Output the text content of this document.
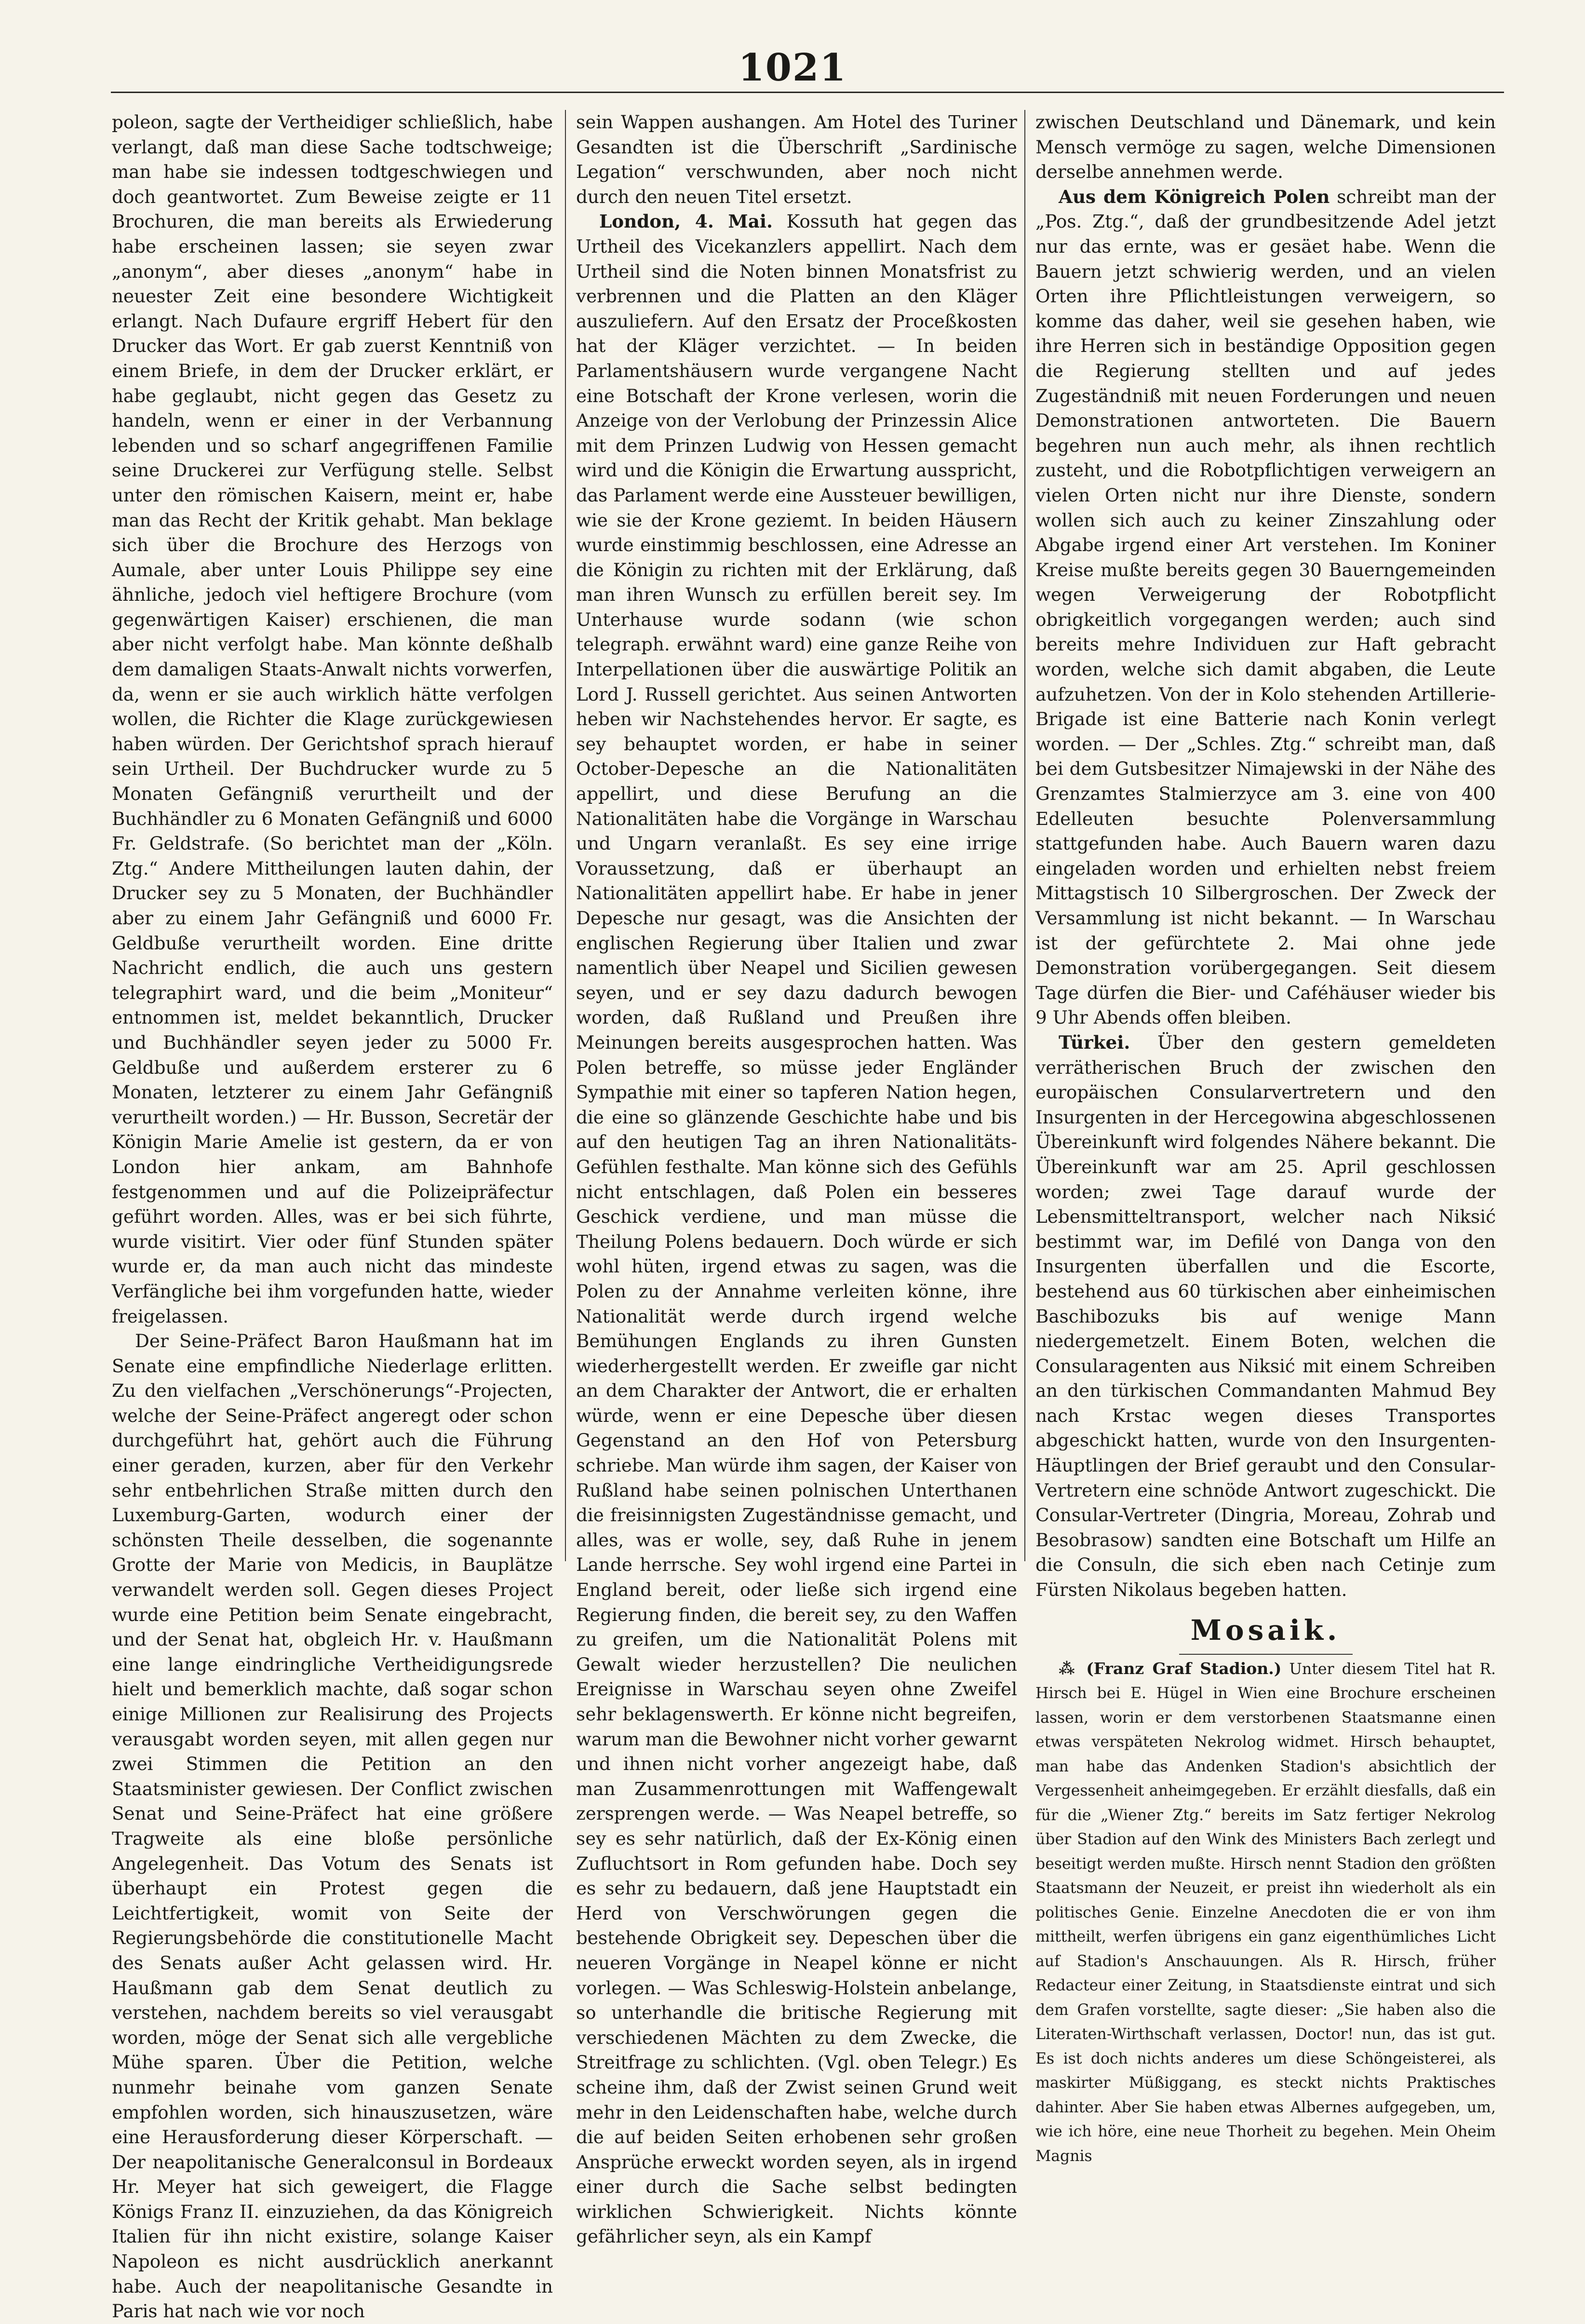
1021

poleon, sagte der Vertheidiger schließlich, habe verlangt, daß man diese Sache todtschweige; man habe sie indessen todtgeschwiegen und doch geantwortet. Zum Beweise zeigte er 11 Brochuren, die man bereits als Erwiederung habe erscheinen lassen; sie seyen zwar „anonym“, aber dieses „anonym“ habe in neuester Zeit eine besondere Wichtigkeit erlangt. Nach Dufaure ergriff Hebert für den Drucker das Wort. Er gab zuerst Kenntniß von einem Briefe, in dem der Drucker erklärt, er habe geglaubt, nicht gegen das Gesetz zu handeln, wenn er einer in der Verbannung lebenden und so scharf angegriffenen Familie seine Druckerei zur Verfügung stelle. Selbst unter den römischen Kaisern, meint er, habe man das Recht der Kritik gehabt. Man beklage sich über die Brochure des Herzogs von Aumale, aber unter Louis Philippe sey eine ähnliche, jedoch viel heftigere Brochure (vom gegenwärtigen Kaiser) erschienen, die man aber nicht verfolgt habe. Man könnte deßhalb dem damaligen Staats-Anwalt nichts vorwerfen, da, wenn er sie auch wirklich hätte verfolgen wollen, die Richter die Klage zurückgewiesen haben würden. Der Gerichtshof sprach hierauf sein Urtheil. Der Buchdrucker wurde zu 5 Monaten Gefängniß verurtheilt und der Buchhändler zu 6 Monaten Gefängniß und 6000 Fr. Geldstrafe. (So berichtet man der „Köln. Ztg.“ Andere Mittheilungen lauten dahin, der Drucker sey zu 5 Monaten, der Buchhändler aber zu einem Jahr Gefängniß und 6000 Fr. Geldbuße verurtheilt worden. Eine dritte Nachricht endlich, die auch uns gestern telegraphirt ward, und die beim „Moniteur“ entnommen ist, meldet bekanntlich, Drucker und Buchhändler seyen jeder zu 5000 Fr. Geldbuße und außerdem ersterer zu 6 Monaten, letzterer zu einem Jahr Gefängniß verurtheilt worden.) — Hr. Busson, Secretär der Königin Marie Amelie ist gestern, da er von London hier ankam, am Bahnhofe festgenommen und auf die Polizeipräfectur geführt worden. Alles, was er bei sich führte, wurde visitirt. Vier oder fünf Stunden später wurde er, da man auch nicht das mindeste Verfängliche bei ihm vorgefunden hatte, wieder freigelassen.

Der Seine-Präfect Baron Haußmann hat im Senate eine empfindliche Niederlage erlitten. Zu den vielfachen „Verschönerungs“-Projecten, welche der Seine-Präfect angeregt oder schon durchgeführt hat, gehört auch die Führung einer geraden, kurzen, aber für den Verkehr sehr entbehrlichen Straße mitten durch den Luxemburg-Garten, wodurch einer der schönsten Theile desselben, die sogenannte Grotte der Marie von Medicis, in Bauplätze verwandelt werden soll. Gegen dieses Project wurde eine Petition beim Senate eingebracht, und der Senat hat, obgleich Hr. v. Haußmann eine lange eindringliche Vertheidigungsrede hielt und bemerklich machte, daß sogar schon einige Millionen zur Realisirung des Projects verausgabt worden seyen, mit allen gegen nur zwei Stimmen die Petition an den Staatsminister gewiesen. Der Conflict zwischen Senat und Seine-Präfect hat eine größere Tragweite als eine bloße persönliche Angelegenheit. Das Votum des Senats ist überhaupt ein Protest gegen die Leichtfertigkeit, womit von Seite der Regierungsbehörde die constitutionelle Macht des Senats außer Acht gelassen wird. Hr. Haußmann gab dem Senat deutlich zu verstehen, nachdem bereits so viel verausgabt worden, möge der Senat sich alle vergebliche Mühe sparen. Über die Petition, welche nunmehr beinahe vom ganzen Senate empfohlen worden, sich hinauszusetzen, wäre eine Herausforderung dieser Körperschaft. — Der neapolitanische Generalconsul in Bordeaux Hr. Meyer hat sich geweigert, die Flagge Königs Franz II. einzuziehen, da das Königreich Italien für ihn nicht existire, solange Kaiser Napoleon es nicht ausdrücklich anerkannt habe. Auch der neapolitanische Gesandte in Paris hat nach wie vor noch

sein Wappen aushangen. Am Hotel des Turiner Gesandten ist die Überschrift „Sardinische Legation“ verschwunden, aber noch nicht durch den neuen Titel ersetzt.

London, 4. Mai. Kossuth hat gegen das Urtheil des Vicekanzlers appellirt. Nach dem Urtheil sind die Noten binnen Monatsfrist zu verbrennen und die Platten an den Kläger auszuliefern. Auf den Ersatz der Proceßkosten hat der Kläger verzichtet. — In beiden Parlamentshäusern wurde vergangene Nacht eine Botschaft der Krone verlesen, worin die Anzeige von der Verlobung der Prinzessin Alice mit dem Prinzen Ludwig von Hessen gemacht wird und die Königin die Erwartung ausspricht, das Parlament werde eine Aussteuer bewilligen, wie sie der Krone geziemt. In beiden Häusern wurde einstimmig beschlossen, eine Adresse an die Königin zu richten mit der Erklärung, daß man ihren Wunsch zu erfüllen bereit sey. Im Unterhause wurde sodann (wie schon telegraph. erwähnt ward) eine ganze Reihe von Interpellationen über die auswärtige Politik an Lord J. Russell gerichtet. Aus seinen Antworten heben wir Nachstehendes hervor. Er sagte, es sey behauptet worden, er habe in seiner October-Depesche an die Nationalitäten appellirt, und diese Berufung an die Nationalitäten habe die Vorgänge in Warschau und Ungarn veranlaßt. Es sey eine irrige Voraussetzung, daß er überhaupt an Nationalitäten appellirt habe. Er habe in jener Depesche nur gesagt, was die Ansichten der englischen Regierung über Italien und zwar namentlich über Neapel und Sicilien gewesen seyen, und er sey dazu dadurch bewogen worden, daß Rußland und Preußen ihre Meinungen bereits ausgesprochen hatten. Was Polen betreffe, so müsse jeder Engländer Sympathie mit einer so tapferen Nation hegen, die eine so glänzende Geschichte habe und bis auf den heutigen Tag an ihren Nationalitäts-Gefühlen festhalte. Man könne sich des Gefühls nicht entschlagen, daß Polen ein besseres Geschick verdiene, und man müsse die Theilung Polens bedauern. Doch würde er sich wohl hüten, irgend etwas zu sagen, was die Polen zu der Annahme verleiten könne, ihre Nationalität werde durch irgend welche Bemühungen Englands zu ihren Gunsten wiederhergestellt werden. Er zweifle gar nicht an dem Charakter der Antwort, die er erhalten würde, wenn er eine Depesche über diesen Gegenstand an den Hof von Petersburg schriebe. Man würde ihm sagen, der Kaiser von Rußland habe seinen polnischen Unterthanen die freisinnigsten Zugeständnisse gemacht, und alles, was er wolle, sey, daß Ruhe in jenem Lande herrsche. Sey wohl irgend eine Partei in England bereit, oder ließe sich irgend eine Regierung finden, die bereit sey, zu den Waffen zu greifen, um die Nationalität Polens mit Gewalt wieder herzustellen? Die neulichen Ereignisse in Warschau seyen ohne Zweifel sehr beklagenswerth. Er könne nicht begreifen, warum man die Bewohner nicht vorher gewarnt und ihnen nicht vorher angezeigt habe, daß man Zusammenrottungen mit Waffengewalt zersprengen werde. — Was Neapel betreffe, so sey es sehr natürlich, daß der Ex-König einen Zufluchtsort in Rom gefunden habe. Doch sey es sehr zu bedauern, daß jene Hauptstadt ein Herd von Verschwörungen gegen die bestehende Obrigkeit sey. Depeschen über die neueren Vorgänge in Neapel könne er nicht vorlegen. — Was Schleswig-Holstein anbelange, so unterhandle die britische Regierung mit verschiedenen Mächten zu dem Zwecke, die Streitfrage zu schlichten. (Vgl. oben Telegr.) Es scheine ihm, daß der Zwist seinen Grund weit mehr in den Leidenschaften habe, welche durch die auf beiden Seiten erhobenen sehr großen Ansprüche erweckt worden seyen, als in irgend einer durch die Sache selbst bedingten wirklichen Schwierigkeit. Nichts könnte gefährlicher seyn, als ein Kampf

zwischen Deutschland und Dänemark, und kein Mensch vermöge zu sagen, welche Dimensionen derselbe annehmen werde.

Aus dem Königreich Polen schreibt man der „Pos. Ztg.“, daß der grundbesitzende Adel jetzt nur das ernte, was er gesäet habe. Wenn die Bauern jetzt schwierig werden, und an vielen Orten ihre Pflichtleistungen verweigern, so komme das daher, weil sie gesehen haben, wie ihre Herren sich in beständige Opposition gegen die Regierung stellten und auf jedes Zugeständniß mit neuen Forderungen und neuen Demonstrationen antworteten. Die Bauern begehren nun auch mehr, als ihnen rechtlich zusteht, und die Robotpflichtigen verweigern an vielen Orten nicht nur ihre Dienste, sondern wollen sich auch zu keiner Zinszahlung oder Abgabe irgend einer Art verstehen. Im Koniner Kreise mußte bereits gegen 30 Bauerngemeinden wegen Verweigerung der Robotpflicht obrigkeitlich vorgegangen werden; auch sind bereits mehre Individuen zur Haft gebracht worden, welche sich damit abgaben, die Leute aufzuhetzen. Von der in Kolo stehenden Artillerie-Brigade ist eine Batterie nach Konin verlegt worden. — Der „Schles. Ztg.“ schreibt man, daß bei dem Gutsbesitzer Nimajewski in der Nähe des Grenzamtes Stalmierzyce am 3. eine von 400 Edelleuten besuchte Polenversammlung stattgefunden habe. Auch Bauern waren dazu eingeladen worden und erhielten nebst freiem Mittagstisch 10 Silbergroschen. Der Zweck der Versammlung ist nicht bekannt. — In Warschau ist der gefürchtete 2. Mai ohne jede Demonstration vorübergegangen. Seit diesem Tage dürfen die Bier- und Caféhäuser wieder bis 9 Uhr Abends offen bleiben.

Türkei. Über den gestern gemeldeten verrätherischen Bruch der zwischen den europäischen Consularvertretern und den Insurgenten in der Hercegowina abgeschlossenen Übereinkunft wird folgendes Nähere bekannt. Die Übereinkunft war am 25. April geschlossen worden; zwei Tage darauf wurde der Lebensmitteltransport, welcher nach Niksić bestimmt war, im Defilé von Danga von den Insurgenten überfallen und die Escorte, bestehend aus 60 türkischen aber einheimischen Baschibozuks bis auf wenige Mann niedergemetzelt. Einem Boten, welchen die Consularagenten aus Niksić mit einem Schreiben an den türkischen Commandanten Mahmud Bey nach Krstac wegen dieses Transportes abgeschickt hatten, wurde von den Insurgenten-Häuptlingen der Brief geraubt und den Consular-Vertretern eine schnöde Antwort zugeschickt. Die Consular-Vertreter (Dingria, Moreau, Zohrab und Besobrasow) sandten eine Botschaft um Hilfe an die Consuln, die sich eben nach Cetinje zum Fürsten Nikolaus begeben hatten.

Mosaik.

⁂ (Franz Graf Stadion.) Unter diesem Titel hat R. Hirsch bei E. Hügel in Wien eine Brochure erscheinen lassen, worin er dem verstorbenen Staatsmanne einen etwas verspäteten Nekrolog widmet. Hirsch behauptet, man habe das Andenken Stadion's absichtlich der Vergessenheit anheimgegeben. Er erzählt diesfalls, daß ein für die „Wiener Ztg.“ bereits im Satz fertiger Nekrolog über Stadion auf den Wink des Ministers Bach zerlegt und beseitigt werden mußte. Hirsch nennt Stadion den größten Staatsmann der Neuzeit, er preist ihn wiederholt als ein politisches Genie. Einzelne Anecdoten die er von ihm mittheilt, werfen übrigens ein ganz eigenthümliches Licht auf Stadion's Anschauungen. Als R. Hirsch, früher Redacteur einer Zeitung, in Staatsdienste eintrat und sich dem Grafen vorstellte, sagte dieser: „Sie haben also die Literaten-Wirthschaft verlassen, Doctor! nun, das ist gut. Es ist doch nichts anderes um diese Schöngeisterei, als maskirter Müßiggang, es steckt nichts Praktisches dahinter. Aber Sie haben etwas Albernes aufgegeben, um, wie ich höre, eine neue Thorheit zu begehen. Mein Oheim Magnis
